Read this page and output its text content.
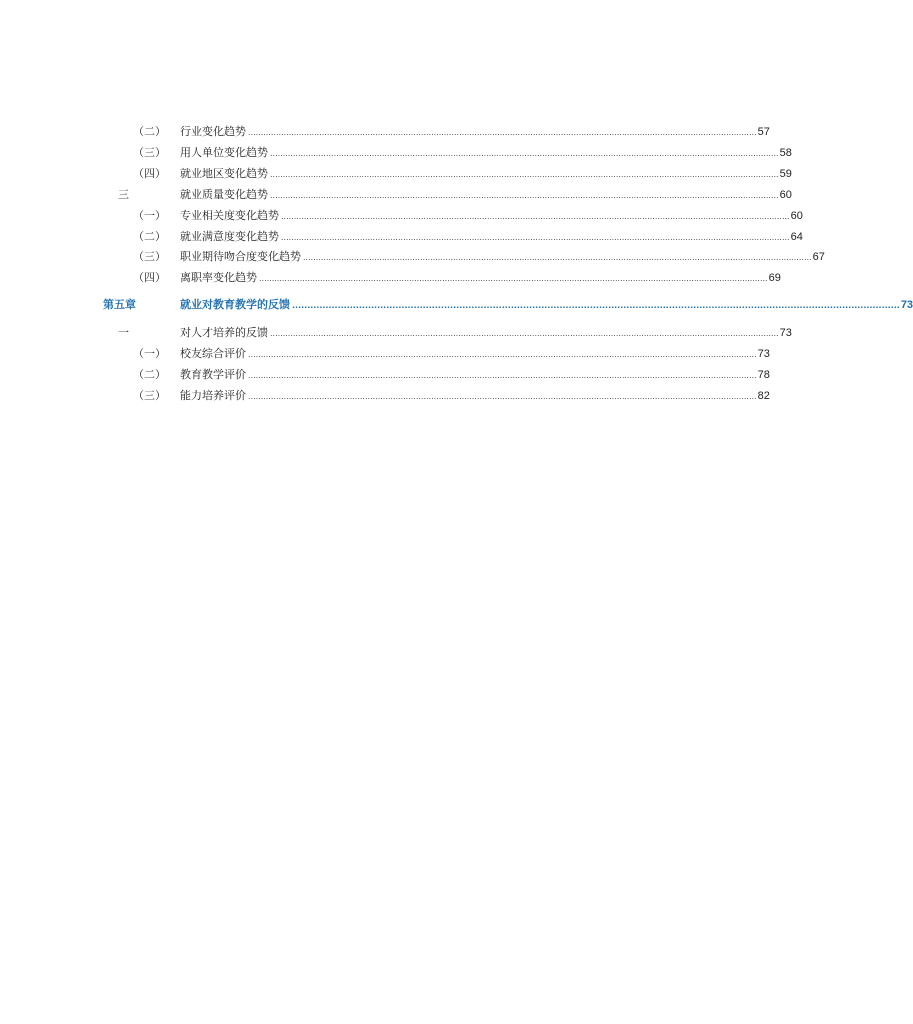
（二） 行业变化趋势 ........................................................................................................................................................................................................ 57
（三） 用人单位变化趋势 ........................................................................................................................................................................................................ 58
（四） 就业地区变化趋势 ........................................................................................................................................................................................................ 59
三	就业质量变化趋势 ........................................................................................................................................................................................................ 60
（一） 专业相关度变化趋势 ........................................................................................................................................................................................................ 60
（二） 就业满意度变化趋势 ........................................................................................................................................................................................................ 64
（三） 职业期待吻合度变化趋势 ........................................................................................................................................................................................................ 67
（四） 离职率变化趋势 ........................................................................................................................................................................................................ 69
第五章	就业对教育教学的反馈 ........................................................................................................................................................................................................ 73
一	对人才培养的反馈 ........................................................................................................................................................................................................ 73
（一） 校友综合评价 ........................................................................................................................................................................................................ 73
（二） 教育教学评价 ........................................................................................................................................................................................................ 78
（三） 能力培养评价 ........................................................................................................................................................................................................ 82
